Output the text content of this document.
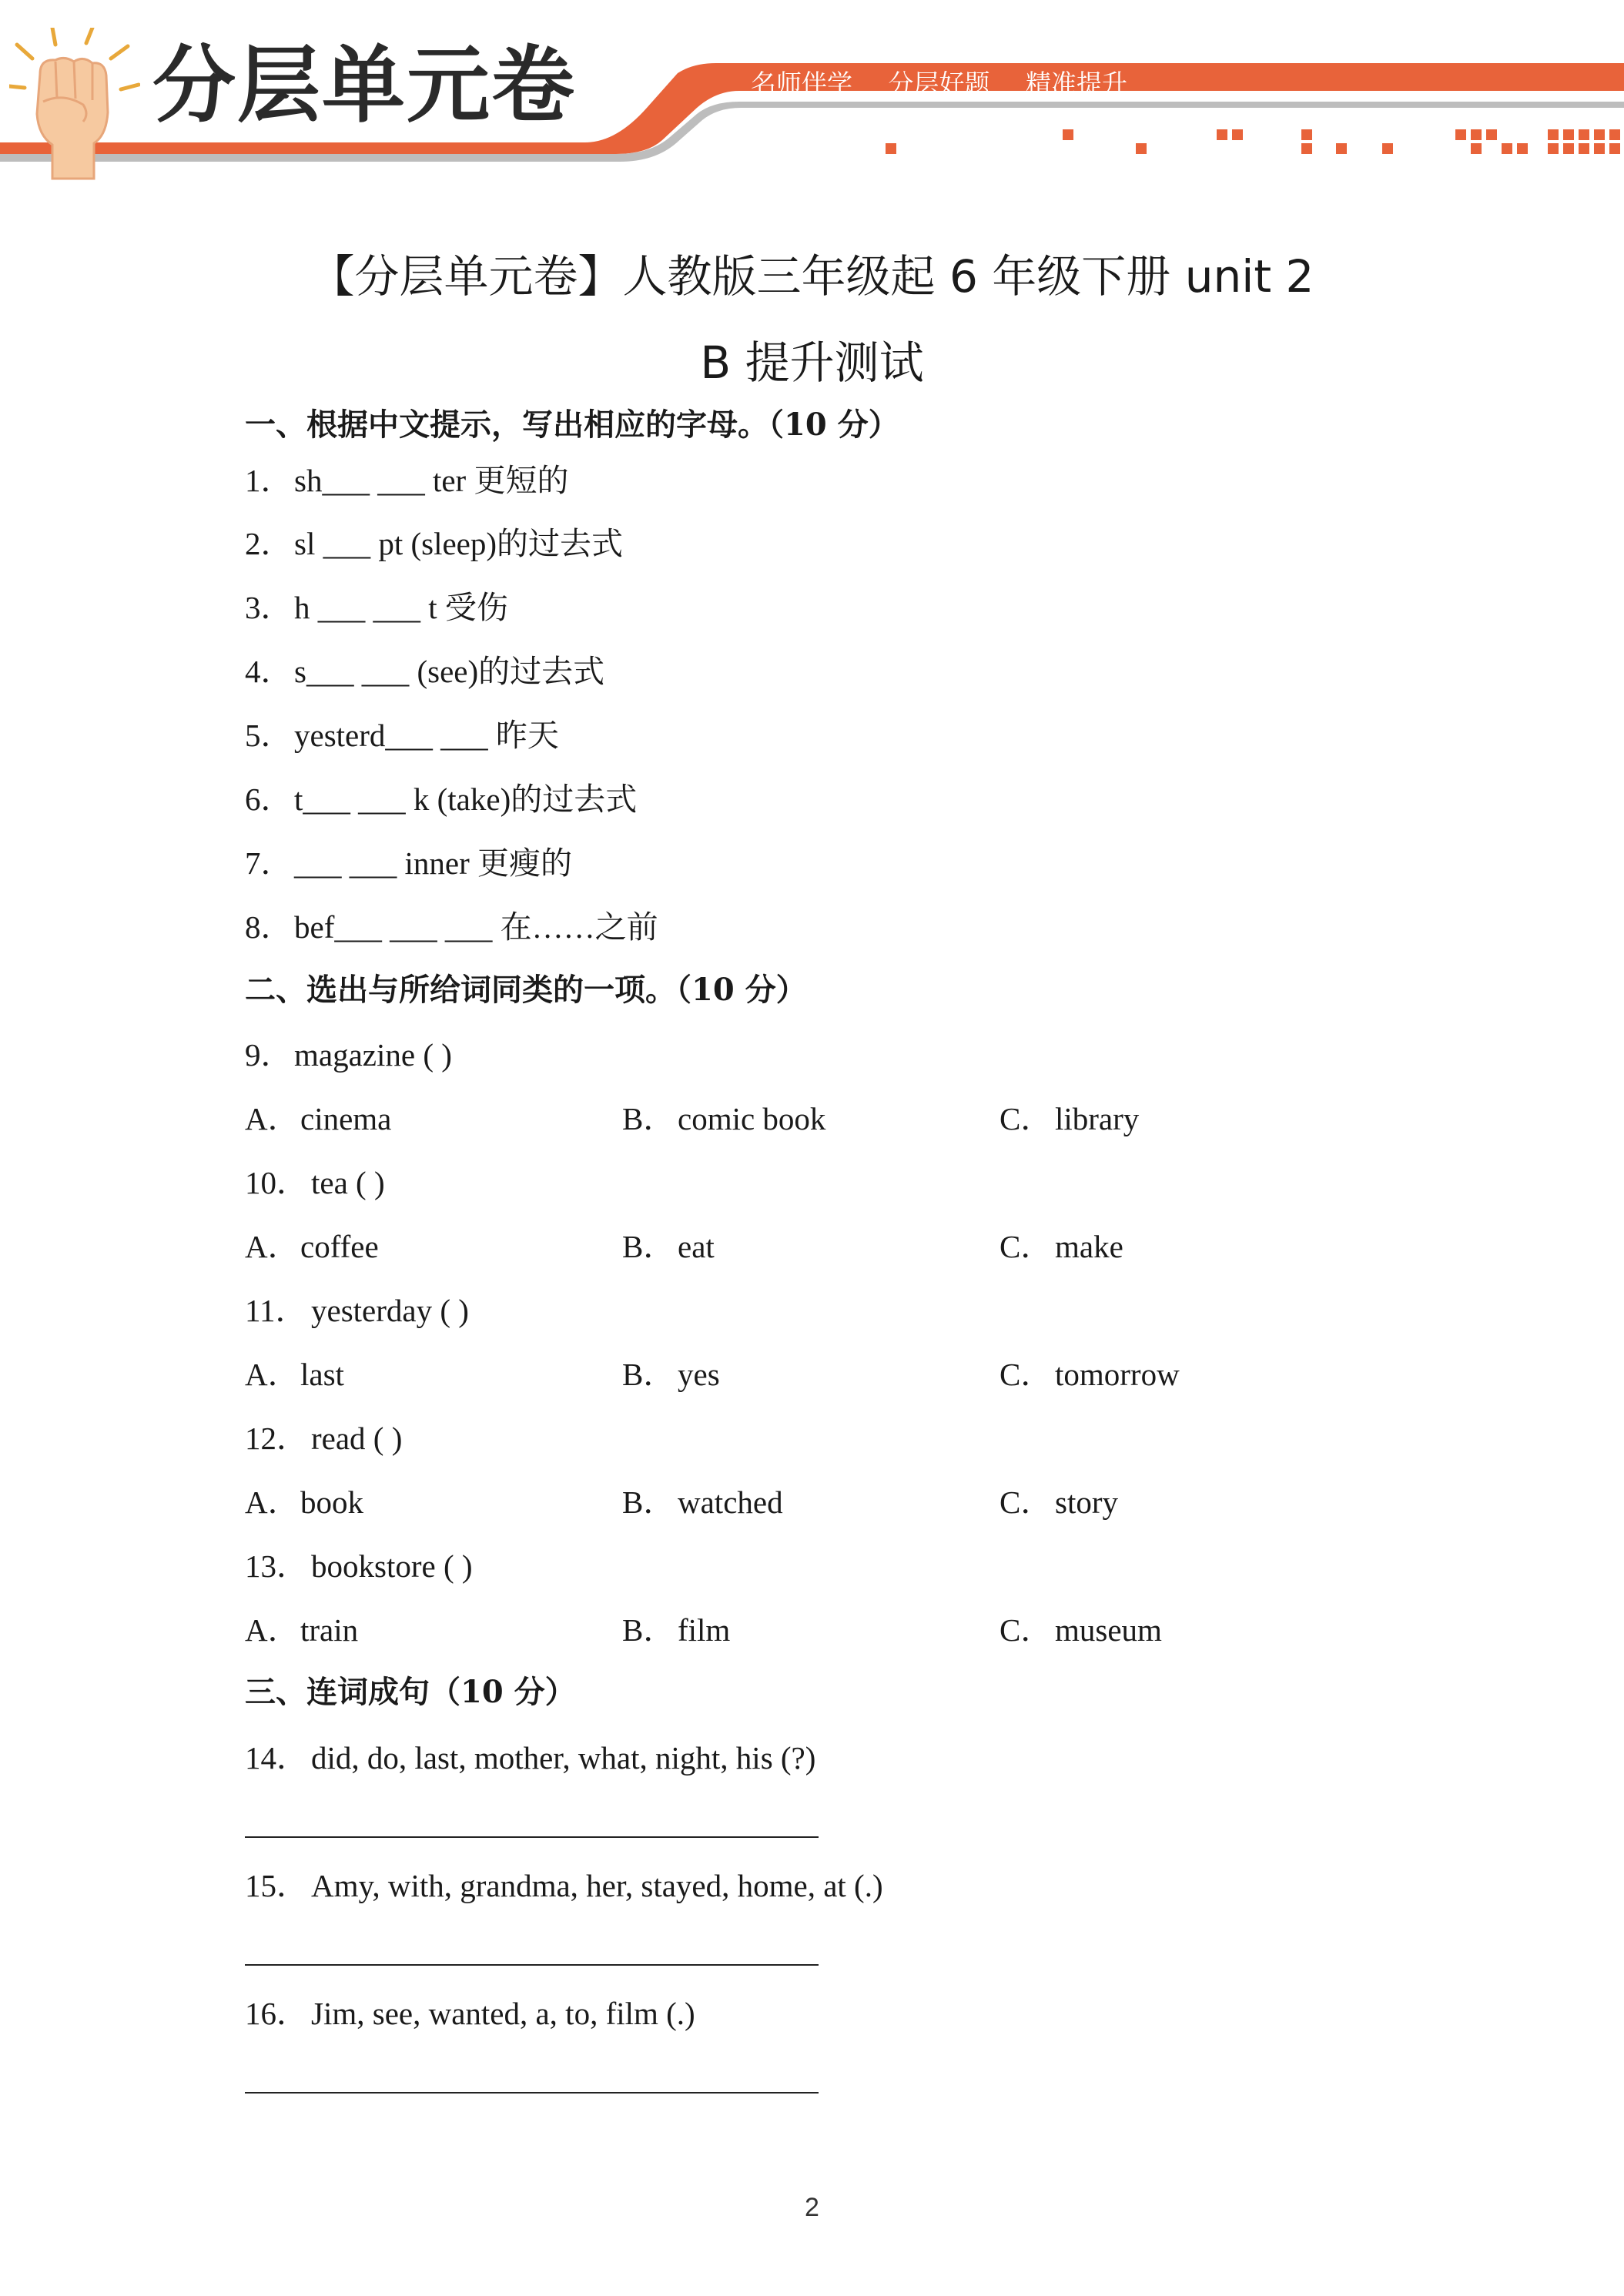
分层单元卷	名师伴学 分层好题 精准提升
【分层单元卷】人教版三年级起 6 年级下册 unit 2
B 提升测试
一、根据中文提示，写出相应的字母。（10 分）
1．sh___ ___ ter 更短的
2．sl ___ pt (sleep)的过去式
3．h ___ ___ t 受伤
4．s___ ___ (see)的过去式
5．yesterd___ ___ 昨天
6．t___ ___ k (take)的过去式
7．___ ___ inner 更瘦的
8．bef___ ___ ___ 在……之前
二、选出与所给词同类的一项。（10 分）
9．magazine ( )
A．cinema	B．comic book	C．library
10．tea ( )
A．coffee	B．eat	C．make
11． yesterday ( )
A．last	B．yes	C．tomorrow
12．read ( )
A．book	B．watched	C．story
13．bookstore ( )
A．train	B．film	C．museum
三、连词成句（10 分）
14．did, do, last, mother, what, night, his (?)
15．Amy, with, grandma, her, stayed, home, at (.)
16．Jim, see, wanted, a, to, film (.)
2
